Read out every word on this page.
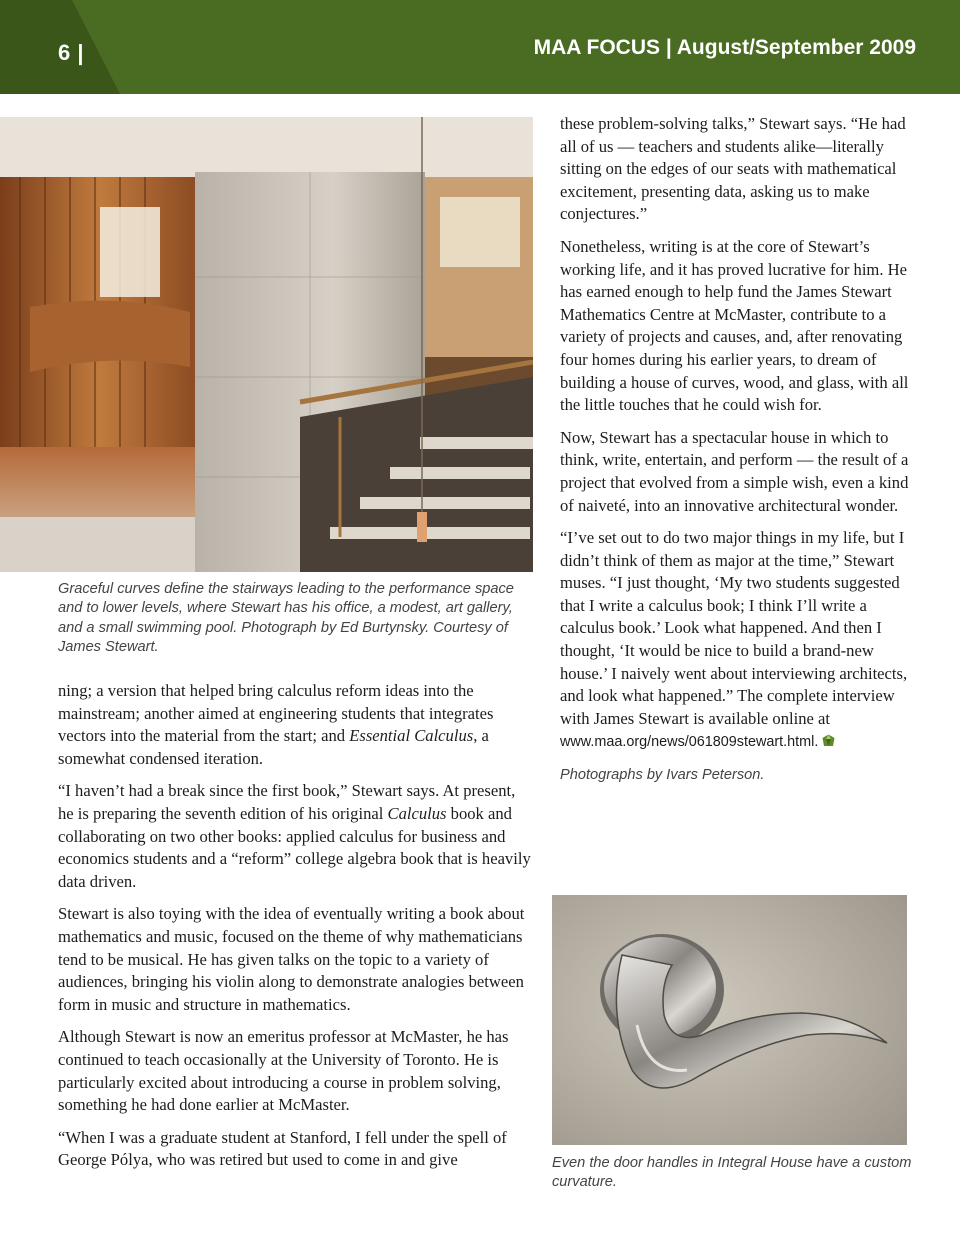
6 |	MAA FOCUS | August/September 2009
Graceful curves define the stairways leading to the performance space and to lower levels, where Stewart has his office, a modest, art gallery, and a small swimming pool. Photograph by Ed Burtynsky. Courtesy of James Stewart.

ning; a version that helped bring calculus reform ideas into the mainstream; another aimed at engineering students that integrates vectors into the material from the start; and Essential Calculus, a somewhat condensed iteration.

“I haven’t had a break since the first book,” Stewart says. At present, he is preparing the seventh edition of his original Calculus book and collaborating on two other books: applied calculus for business and economics students and a “reform” college algebra book that is heavily data driven.

Stewart is also toying with the idea of eventually writing a book about mathematics and music, focused on the theme of why mathematicians tend to be musical. He has given talks on the topic to a variety of audiences, bringing his violin along to demonstrate analogies between form in music and structure in mathematics.

Although Stewart is now an emeritus professor at McMaster, he has continued to teach occasionally at the University of Toronto. He is particularly excited about introducing a course in problem solving, something he had done earlier at McMaster.

“When I was a graduate student at Stanford, I fell under the spell of George Pólya, who was retired but used to come in and give

these problem-solving talks,” Stewart says. “He had all of us — teachers and students alike—literally sitting on the edges of our seats with mathematical excitement, presenting data, asking us to make conjectures.”

Nonetheless, writing is at the core of Stewart’s working life, and it has proved lucrative for him. He has earned enough to help fund the James Stewart Mathematics Centre at McMaster, contribute to a variety of projects and causes, and, after renovating four homes during his earlier years, to dream of building a house of curves, wood, and glass, with all the little touches that he could wish for.

Now, Stewart has a spectacular house in which to think, write, entertain, and perform — the result of a project that evolved from a simple wish, even a kind of naiveté, into an innovative architectural wonder.

“I’ve set out to do two major things in my life, but I didn’t think of them as major at the time,” Stewart muses. “I just thought, ‘My two students suggested that I write a calculus book; I think I’ll write a calculus book.’ Look what happened. And then I thought, ‘It would be nice to build a brand-new house.’ I naively went about interviewing architects, and look what happened.” The complete interview with James Stewart is available online at www.maa.org/news/061809stewart.html.

Photographs by Ivars Peterson.

Even the door handles in Integral House have a custom curvature.
